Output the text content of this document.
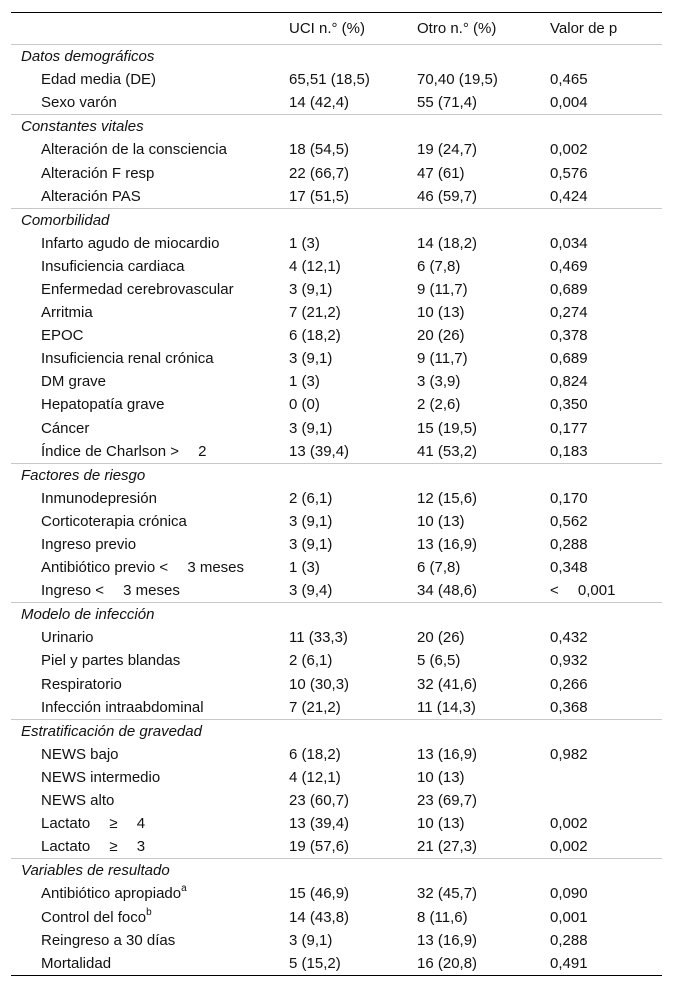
	UCI n.° (%)	Otro n.° (%)	Valor de p
Datos demográficos			
Edad media (DE)	65,51 (18,5)	70,40 (19,5)	0,465
Sexo varón	14 (42,4)	55 (71,4)	0,004
Constantes vitales			
Alteración de la consciencia	18 (54,5)	19 (24,7)	0,002
Alteración F resp	22 (66,7)	47 (61)	0,576
Alteración PAS	17 (51,5)	46 (59,7)	0,424
Comorbilidad			
Infarto agudo de miocardio	1 (3)	14 (18,2)	0,034
Insuficiencia cardiaca	4 (12,1)	6 (7,8)	0,469
Enfermedad cerebrovascular	3 (9,1)	9 (11,7)	0,689
Arritmia	7 (21,2)	10 (13)	0,274
EPOC	6 (18,2)	20 (26)	0,378
Insuficiencia renal crónica	3 (9,1)	9 (11,7)	0,689
DM grave	1 (3)	3 (3,9)	0,824
Hepatopatía grave	0 (0)	2 (2,6)	0,350
Cáncer	3 (9,1)	15 (19,5)	0,177
Índice de Charlson >  2	13 (39,4)	41 (53,2)	0,183
Factores de riesgo			
Inmunodepresión	2 (6,1)	12 (15,6)	0,170
Corticoterapia crónica	3 (9,1)	10 (13)	0,562
Ingreso previo	3 (9,1)	13 (16,9)	0,288
Antibiótico previo <  3 meses	1 (3)	6 (7,8)	0,348
Ingreso <  3 meses	3 (9,4)	34 (48,6)	<  0,001
Modelo de infección			
Urinario	11 (33,3)	20 (26)	0,432
Piel y partes blandas	2 (6,1)	5 (6,5)	0,932
Respiratorio	10 (30,3)	32 (41,6)	0,266
Infección intraabdominal	7 (21,2)	11 (14,3)	0,368
Estratificación de gravedad			
NEWS bajo	6 (18,2)	13 (16,9)	0,982
NEWS intermedio	4 (12,1)	10 (13)	
NEWS alto	23 (60,7)	23 (69,7)	
Lactato  ≥  4	13 (39,4)	10 (13)	0,002
Lactato  ≥  3	19 (57,6)	21 (27,3)	0,002
Variables de resultado			
Antibiótico apropiado$^a$	15 (46,9)	32 (45,7)	0,090
Control del foco$^b$	14 (43,8)	8 (11,6)	0,001
Reingreso a 30 días	3 (9,1)	13 (16,9)	0,288
Mortalidad	5 (15,2)	16 (20,8)	0,491
